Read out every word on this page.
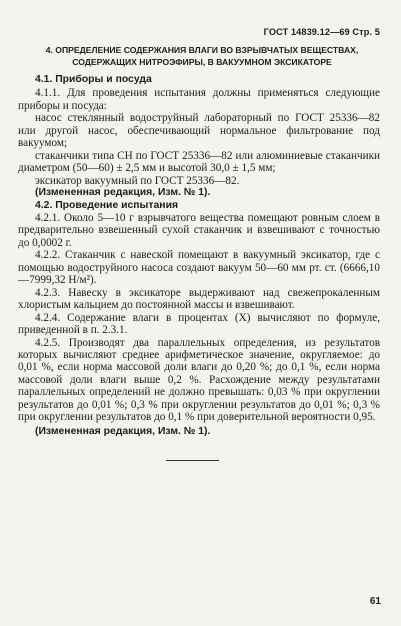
ГОСТ 14839.12—69 Стр. 5
4. ОПРЕДЕЛЕНИЕ СОДЕРЖАНИЯ ВЛАГИ ВО ВЗРЫВЧАТЫХ ВЕЩЕСТВАХ,
СОДЕРЖАЩИХ НИТРОЭФИРЫ, В ВАКУУМНОМ ЭКСИКАТОРЕ
4.1. Приборы и посуда
4.1.1. Для проведения испытания должны применяться следующие приборы и посуда:
насос стеклянный водоструйный лабораторный по ГОСТ 25336—82 или другой насос, обеспечивающий нормальное фильтрование под вакуумом;
стаканчики типа СН по ГОСТ 25336—82 или алюминиевые стаканчики диаметром (50—60) ± 2,5 мм и высотой 30,0 ± 1,5 мм;
эксикатор вакуумный по ГОСТ 25336—82.
(Измененная редакция, Изм. № 1).
4.2. Проведение испытания
4.2.1. Около 5—10 г взрывчатого вещества помещают ровным слоем в предварительно взвешенный сухой стаканчик и взвешивают с точностью до 0,0002 г.
4.2.2. Стаканчик с навеской помещают в вакуумный эксикатор, где с помощью водоструйного насоса создают вакуум 50—60 мм рт. ст. (6666,10—7999,32 Н/м²).
4.2.3. Навеску в эксикаторе выдерживают над свежепрокаленным хлористым кальцием до постоянной массы и взвешивают.
4.2.4. Содержание влаги в процентах (X) вычисляют по формуле, приведенной в п. 2.3.1.
4.2.5. Производят два параллельных определения, из результатов которых вычисляют среднее арифметическое значение, округляемое: до 0,01 %, если норма массовой доли влаги до 0,20 %; до 0,1 %, если норма массовой доли влаги выше 0,2 %. Расхождение между результатами параллельных определений не должно превышать: 0,03 % при округлении результатов до 0,01 %; 0,3 % при округлении результатов до 0,01 %; 0,3 % при округлении результатов до 0,1 % при доверительной вероятности 0,95.
(Измененная редакция, Изм. № 1).
61
